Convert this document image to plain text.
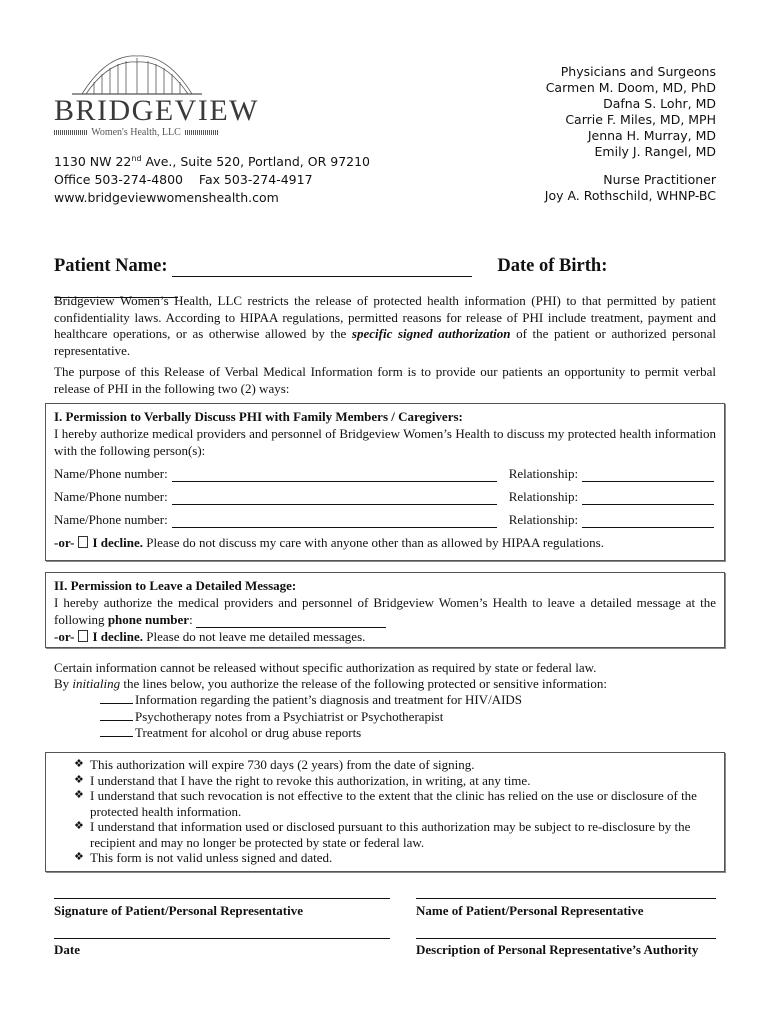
BRIDGEVIEW
Women's Health, LLC
1130 NW 22nd Ave., Suite 520, Portland, OR 97210
Office 503-274-4800    Fax 503-274-4917
www.bridgeviewwomenshealth.com
Physicians and Surgeons
Carmen M. Doom, MD, PhD
Dafna S. Lohr, MD
Carrie F. Miles, MD, MPH
Jenna H. Murray, MD
Emily J. Rangel, MD
Nurse Practitioner
Joy A. Rothschild, WHNP-BC
Patient Name:	Date of Birth:
Bridgeview Women’s Health, LLC restricts the release of protected health information (PHI) to that permitted by patient confidentiality laws. According to HIPAA regulations, permitted reasons for release of PHI include treatment, payment and healthcare operations, or as otherwise allowed by the specific signed authorization of the patient or authorized personal representative.
The purpose of this Release of Verbal Medical Information form is to provide our patients an opportunity to permit verbal release of PHI in the following two (2) ways:
I. Permission to Verbally Discuss PHI with Family Members / Caregivers:
I hereby authorize medical providers and personnel of Bridgeview Women’s Health to discuss my protected health information with the following person(s):
Name/Phone number:	Relationship:
Name/Phone number:	Relationship:
Name/Phone number:	Relationship:
-or- I decline. Please do not discuss my care with anyone other than as allowed by HIPAA regulations.
II. Permission to Leave a Detailed Message:
I hereby authorize the medical providers and personnel of Bridgeview Women’s Health to leave a detailed message at the following phone number:
-or- I decline. Please do not leave me detailed messages.
Certain information cannot be released without specific authorization as required by state or federal law.
By initialing the lines below, you authorize the release of the following protected or sensitive information:
Information regarding the patient’s diagnosis and treatment for HIV/AIDS
Psychotherapy notes from a Psychiatrist or Psychotherapist
Treatment for alcohol or drug abuse reports
❖ This authorization will expire 730 days (2 years) from the date of signing.
❖ I understand that I have the right to revoke this authorization, in writing, at any time.
❖ I understand that such revocation is not effective to the extent that the clinic has relied on the use or disclosure of the protected health information.
❖ I understand that information used or disclosed pursuant to this authorization may be subject to re-disclosure by the recipient and may no longer be protected by state or federal law.
❖ This form is not valid unless signed and dated.
Signature of Patient/Personal Representative	Name of Patient/Personal Representative
Date	Description of Personal Representative’s Authority
